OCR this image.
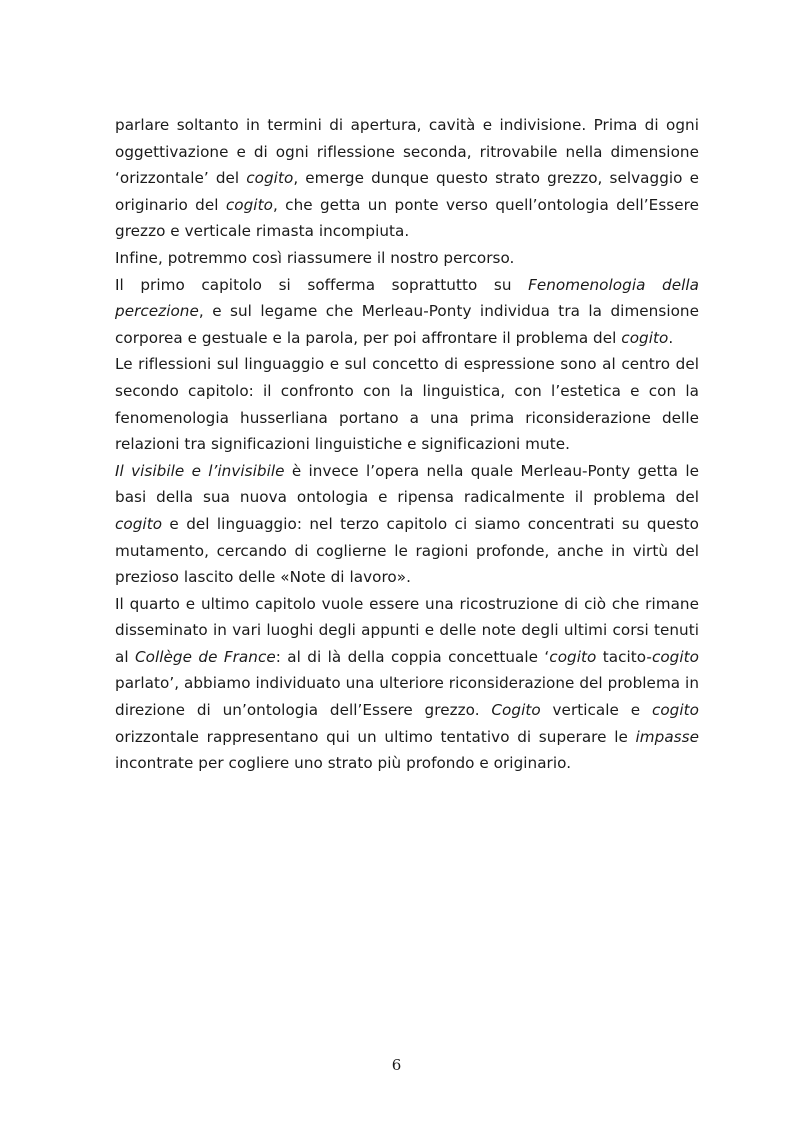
parlare soltanto in termini di apertura, cavità e indivisione. Prima di ogni oggettivazione e di ogni riflessione seconda, ritrovabile nella dimensione ‘orizzontale’ del cogito, emerge dunque questo strato grezzo, selvaggio e originario del cogito, che getta un ponte verso quell’ontologia dell’Essere grezzo e verticale rimasta incompiuta.

Infine, potremmo così riassumere il nostro percorso.

Il primo capitolo si sofferma soprattutto su Fenomenologia della percezione, e sul legame che Merleau-Ponty individua tra la dimensione corporea e gestuale e la parola, per poi affrontare il problema del cogito.

Le riflessioni sul linguaggio e sul concetto di espressione sono al centro del secondo capitolo: il confronto con la linguistica, con l’estetica e con la fenomenologia husserliana portano a una prima riconsiderazione delle relazioni tra significazioni linguistiche e significazioni mute.

Il visibile e l’invisibile è invece l’opera nella quale Merleau-Ponty getta le basi della sua nuova ontologia e ripensa radicalmente il problema del cogito e del linguaggio: nel terzo capitolo ci siamo concentrati su questo mutamento, cercando di coglierne le ragioni profonde, anche in virtù del prezioso lascito delle «Note di lavoro».

Il quarto e ultimo capitolo vuole essere una ricostruzione di ciò che rimane disseminato in vari luoghi degli appunti e delle note degli ultimi corsi tenuti al Collège de France: al di là della coppia concettuale ‘cogito tacito-cogito parlato’, abbiamo individuato una ulteriore riconsiderazione del problema in direzione di un’ontologia dell’Essere grezzo. Cogito verticale e cogito orizzontale rappresentano qui un ultimo tentativo di superare le impasse incontrate per cogliere uno strato più profondo e originario.

6
